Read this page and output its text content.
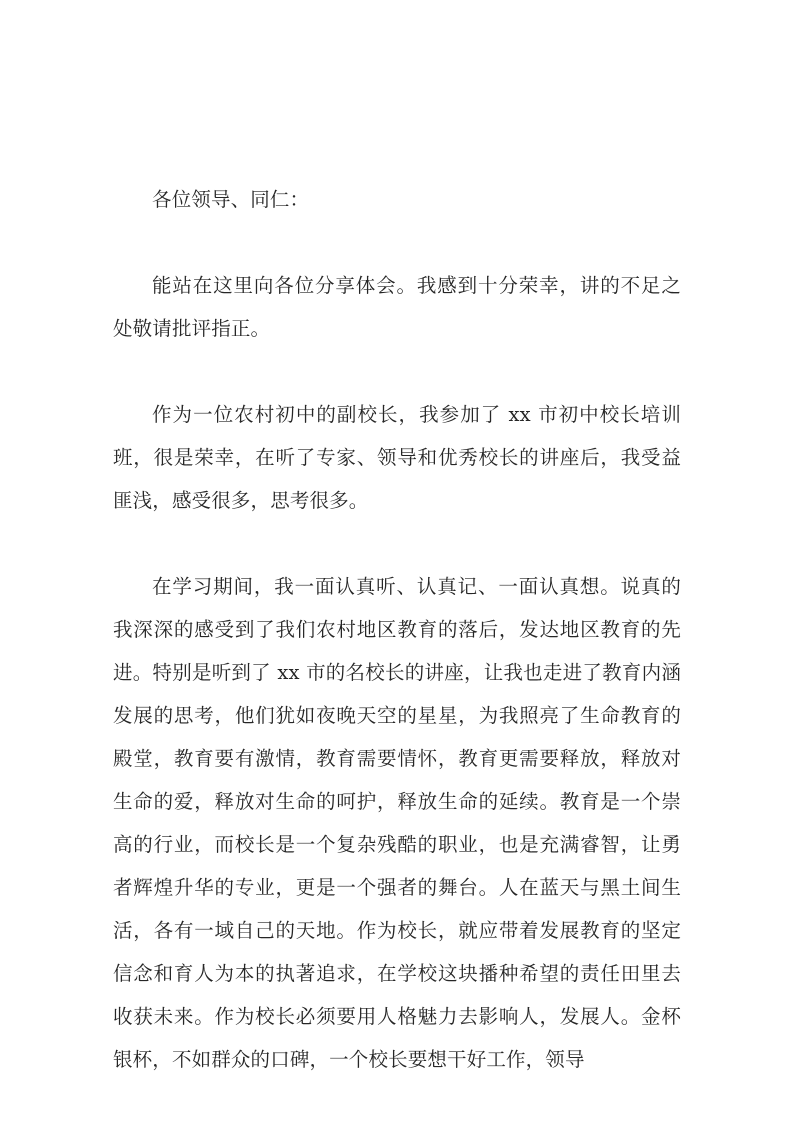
各位领导、同仁：

能站在这里向各位分享体会。我感到十分荣幸，讲的不足之处敬请批评指正。

作为一位农村初中的副校长，我参加了 xx 市初中校长培训班，很是荣幸，在听了专家、领导和优秀校长的讲座后，我受益匪浅，感受很多，思考很多。

在学习期间，我一面认真听、认真记、一面认真想。说真的我深深的感受到了我们农村地区教育的落后，发达地区教育的先进。特别是听到了 xx 市的名校长的讲座，让我也走进了教育内涵发展的思考，他们犹如夜晚天空的星星，为我照亮了生命教育的殿堂，教育要有激情，教育需要情怀，教育更需要释放，释放对生命的爱，释放对生命的呵护，释放生命的延续。教育是一个崇高的行业，而校长是一个复杂残酷的职业，也是充满睿智，让勇者辉煌升华的专业，更是一个强者的舞台。人在蓝天与黑土间生活，各有一域自己的天地。作为校长，就应带着发展教育的坚定信念和育人为本的执著追求，在学校这块播种希望的责任田里去收获未来。作为校长必须要用人格魅力去影响人，发展人。金杯银杯，不如群众的口碑，一个校长要想干好工作，领导
